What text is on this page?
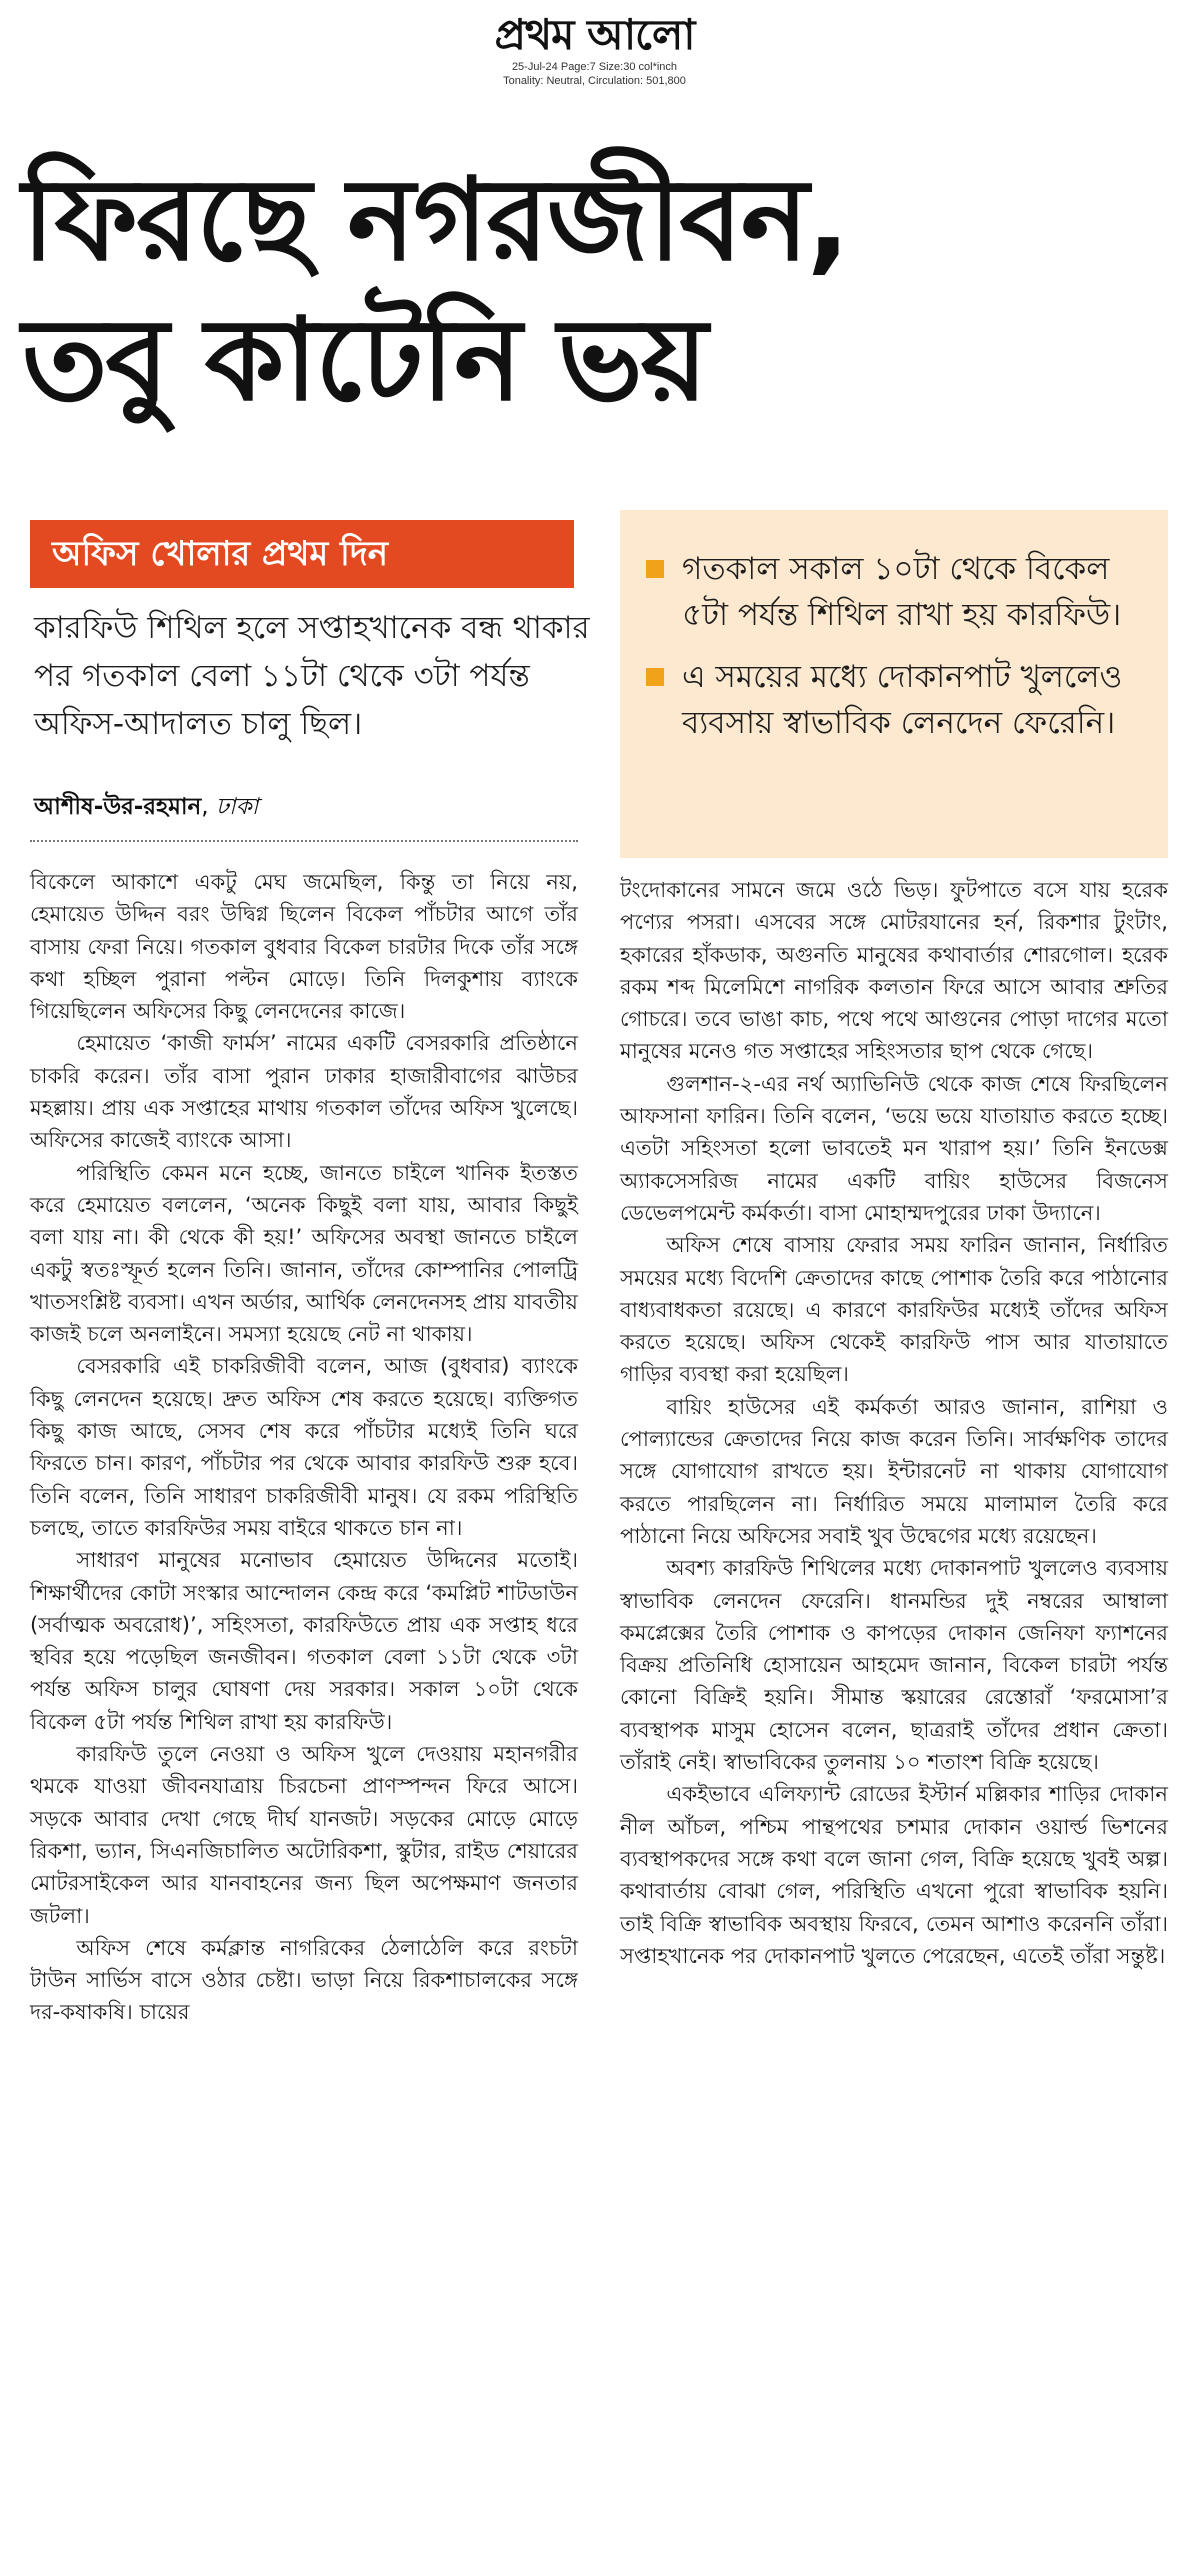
প্রথম আলো
25-Jul-24 Page:7 Size:30 col*inch
Tonality: Neutral, Circulation: 501,800
ফিরছে নগরজীবন,
তবু কাটেনি ভয়
অফিস খোলার প্রথম দিন
কারফিউ শিথিল হলে সপ্তাহখানেক বন্ধ থাকার পর গতকাল বেলা ১১টা থেকে ৩টা পর্যন্ত অফিস-আদালত চালু ছিল।
আশীষ-উর-রহমান, ঢাকা
গতকাল সকাল ১০টা থেকে বিকেল ৫টা পর্যন্ত শিথিল রাখা হয় কারফিউ।
এ সময়ের মধ্যে দোকানপাট খুললেও ব্যবসায় স্বাভাবিক লেনদেন ফেরেনি।

বিকেলে আকাশে একটু মেঘ জমেছিল, কিন্তু তা নিয়ে নয়, হেমায়েত উদ্দিন বরং উদ্বিগ্ন ছিলেন বিকেল পাঁচটার আগে তাঁর বাসায় ফেরা নিয়ে। গতকাল বুধবার বিকেল চারটার দিকে তাঁর সঙ্গে কথা হচ্ছিল পুরানা পল্টন মোড়ে। তিনি দিলকুশায় ব্যাংকে গিয়েছিলেন অফিসের কিছু লেনদেনের কাজে।

হেমায়েত ‘কাজী ফার্মস’ নামের একটি বেসরকারি প্রতিষ্ঠানে চাকরি করেন। তাঁর বাসা পুরান ঢাকার হাজারীবাগের ঝাউচর মহল্লায়। প্রায় এক সপ্তাহের মাথায় গতকাল তাঁদের অফিস খুলেছে। অফিসের কাজেই ব্যাংকে আসা।

পরিস্থিতি কেমন মনে হচ্ছে, জানতে চাইলে খানিক ইতস্তত করে হেমায়েত বললেন, ‘অনেক কিছুই বলা যায়, আবার কিছুই বলা যায় না। কী থেকে কী হয়!’ অফিসের অবস্থা জানতে চাইলে একটু স্বতঃস্ফূর্ত হলেন তিনি। জানান, তাঁদের কোম্পানির পোলট্রি খাতসংশ্লিষ্ট ব্যবসা। এখন অর্ডার, আর্থিক লেনদেনসহ প্রায় যাবতীয় কাজই চলে অনলাইনে। সমস্যা হয়েছে নেট না থাকায়।

বেসরকারি এই চাকরিজীবী বলেন, আজ (বুধবার) ব্যাংকে কিছু লেনদেন হয়েছে। দ্রুত অফিস শেষ করতে হয়েছে। ব্যক্তিগত কিছু কাজ আছে, সেসব শেষ করে পাঁচটার মধ্যেই তিনি ঘরে ফিরতে চান। কারণ, পাঁচটার পর থেকে আবার কারফিউ শুরু হবে। তিনি বলেন, তিনি সাধারণ চাকরিজীবী মানুষ। যে রকম পরিস্থিতি চলছে, তাতে কারফিউর সময় বাইরে থাকতে চান না।

সাধারণ মানুষের মনোভাব হেমায়েত উদ্দিনের মতোই। শিক্ষার্থীদের কোটা সংস্কার আন্দোলন কেন্দ্র করে ‘কমপ্লিট শাটডাউন (সর্বাত্মক অবরোধ)’, সহিংসতা, কারফিউতে প্রায় এক সপ্তাহ ধরে স্থবির হয়ে পড়েছিল জনজীবন। গতকাল বেলা ১১টা থেকে ৩টা পর্যন্ত অফিস চালুর ঘোষণা দেয় সরকার। সকাল ১০টা থেকে বিকেল ৫টা পর্যন্ত শিথিল রাখা হয় কারফিউ।

কারফিউ তুলে নেওয়া ও অফিস খুলে দেওয়ায় মহানগরীর থমকে যাওয়া জীবনযাত্রায় চিরচেনা প্রাণস্পন্দন ফিরে আসে। সড়কে আবার দেখা গেছে দীর্ঘ যানজট। সড়কের মোড়ে মোড়ে রিকশা, ভ্যান, সিএনজিচালিত অটোরিকশা, স্কুটার, রাইড শেয়ারের মোটরসাইকেল আর যানবাহনের জন্য ছিল অপেক্ষমাণ জনতার জটলা।

অফিস শেষে কর্মক্লান্ত নাগরিকের ঠেলাঠেলি করে রংচটা টাউন সার্ভিস বাসে ওঠার চেষ্টা। ভাড়া নিয়ে রিকশাচালকের সঙ্গে দর-কষাকষি। চায়ের

টংদোকানের সামনে জমে ওঠে ভিড়। ফুটপাতে বসে যায় হরেক পণ্যের পসরা। এসবের সঙ্গে মোটরযানের হর্ন, রিকশার টুংটাং, হকারের হাঁকডাক, অগুনতি মানুষের কথাবার্তার শোরগোল। হরেক রকম শব্দ মিলেমিশে নাগরিক কলতান ফিরে আসে আবার শ্রুতির গোচরে। তবে ভাঙা কাচ, পথে পথে আগুনের পোড়া দাগের মতো মানুষের মনেও গত সপ্তাহের সহিংসতার ছাপ থেকে গেছে।

গুলশান-২-এর নর্থ অ্যাভিনিউ থেকে কাজ শেষে ফিরছিলেন আফসানা ফারিন। তিনি বলেন, ‘ভয়ে ভয়ে যাতায়াত করতে হচ্ছে। এতটা সহিংসতা হলো ভাবতেই মন খারাপ হয়।’ তিনি ইনডেক্স অ্যাকসেসরিজ নামের একটি বায়িং হাউসের বিজনেস ডেভেলপমেন্ট কর্মকর্তা। বাসা মোহাম্মদপুরের ঢাকা উদ্যানে।

অফিস শেষে বাসায় ফেরার সময় ফারিন জানান, নির্ধারিত সময়ের মধ্যে বিদেশি ক্রেতাদের কাছে পোশাক তৈরি করে পাঠানোর বাধ্যবাধকতা রয়েছে। এ কারণে কারফিউর মধ্যেই তাঁদের অফিস করতে হয়েছে। অফিস থেকেই কারফিউ পাস আর যাতায়াতে গাড়ির ব্যবস্থা করা হয়েছিল।

বায়িং হাউসের এই কর্মকর্তা আরও জানান, রাশিয়া ও পোল্যান্ডের ক্রেতাদের নিয়ে কাজ করেন তিনি। সার্বক্ষণিক তাদের সঙ্গে যোগাযোগ রাখতে হয়। ইন্টারনেট না থাকায় যোগাযোগ করতে পারছিলেন না। নির্ধারিত সময়ে মালামাল তৈরি করে পাঠানো নিয়ে অফিসের সবাই খুব উদ্বেগের মধ্যে রয়েছেন।

অবশ্য কারফিউ শিথিলের মধ্যে দোকানপাট খুললেও ব্যবসায় স্বাভাবিক লেনদেন ফেরেনি। ধানমন্ডির দুই নম্বরের আম্বালা কমপ্লেক্সের তৈরি পোশাক ও কাপড়ের দোকান জেনিফা ফ্যাশনের বিক্রয় প্রতিনিধি হোসায়েন আহমেদ জানান, বিকেল চারটা পর্যন্ত কোনো বিক্রিই হয়নি। সীমান্ত স্কয়ারের রেস্তোরাঁ ‘ফরমোসা’র ব্যবস্থাপক মাসুম হোসেন বলেন, ছাত্ররাই তাঁদের প্রধান ক্রেতা। তাঁরাই নেই। স্বাভাবিকের তুলনায় ১০ শতাংশ বিক্রি হয়েছে।

একইভাবে এলিফ্যান্ট রোডের ইস্টার্ন মল্লিকার শাড়ির দোকান নীল আঁচল, পশ্চিম পান্থপথের চশমার দোকান ওয়ার্ল্ড ভিশনের ব্যবস্থাপকদের সঙ্গে কথা বলে জানা গেল, বিক্রি হয়েছে খুবই অল্প। কথাবার্তায় বোঝা গেল, পরিস্থিতি এখনো পুরো স্বাভাবিক হয়নি। তাই বিক্রি স্বাভাবিক অবস্থায় ফিরবে, তেমন আশাও করেননি তাঁরা। সপ্তাহখানেক পর দোকানপাট খুলতে পেরেছেন, এতেই তাঁরা সন্তুষ্ট।
